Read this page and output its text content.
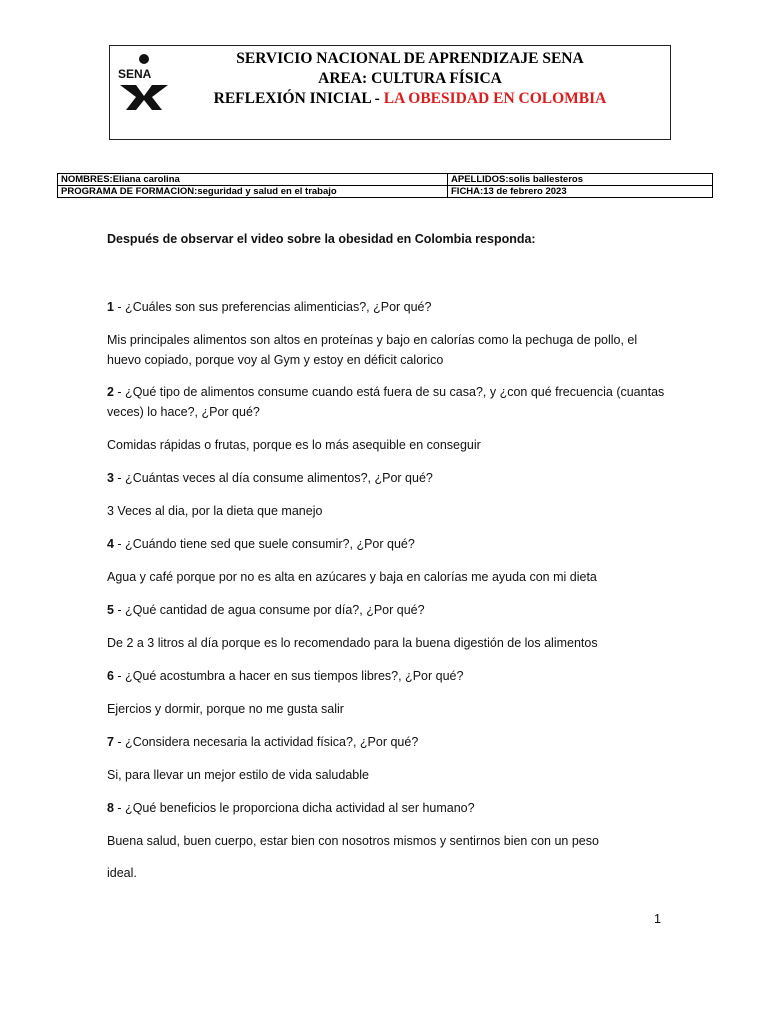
SENA
SERVICIO NACIONAL DE APRENDIZAJE SENA
AREA: CULTURA FÍSICA
REFLEXIÓN INICIAL - LA OBESIDAD EN COLOMBIA
NOMBRES:Eliana carolina	APELLIDOS:solis ballesteros
PROGRAMA DE FORMACION:seguridad y salud en el trabajo	FICHA:13 de febrero 2023
Después de observar el video sobre la obesidad en Colombia responda:
1 - ¿Cuáles son sus preferencias alimenticias?, ¿Por qué?
Mis principales alimentos son altos en proteínas y bajo en calorías como la pechuga de pollo, el huevo copiado, porque voy al Gym y estoy en déficit calorico
2 - ¿Qué tipo de alimentos consume cuando está fuera de su casa?, y ¿con qué frecuencia (cuantas veces) lo hace?, ¿Por qué?
Comidas rápidas o frutas, porque es lo más asequible en conseguir
3 - ¿Cuántas veces al día consume alimentos?, ¿Por qué?
3 Veces al dia, por la dieta que manejo
4 - ¿Cuándo tiene sed que suele consumir?, ¿Por qué?
Agua y café porque por no es alta en azúcares y baja en calorías me ayuda con mi dieta
5 - ¿Qué cantidad de agua consume por día?, ¿Por qué?
De 2 a 3 litros al día porque es lo recomendado para la buena digestión de los alimentos
6 - ¿Qué acostumbra a hacer en sus tiempos libres?, ¿Por qué?
Ejercios y dormir, porque no me gusta salir
7 - ¿Considera necesaria la actividad física?, ¿Por qué?
Si, para llevar un mejor estilo de vida saludable
8 - ¿Qué beneficios le proporciona dicha actividad al ser humano?
Buena salud, buen cuerpo, estar bien con nosotros mismos y sentirnos bien con un peso
ideal.
1
